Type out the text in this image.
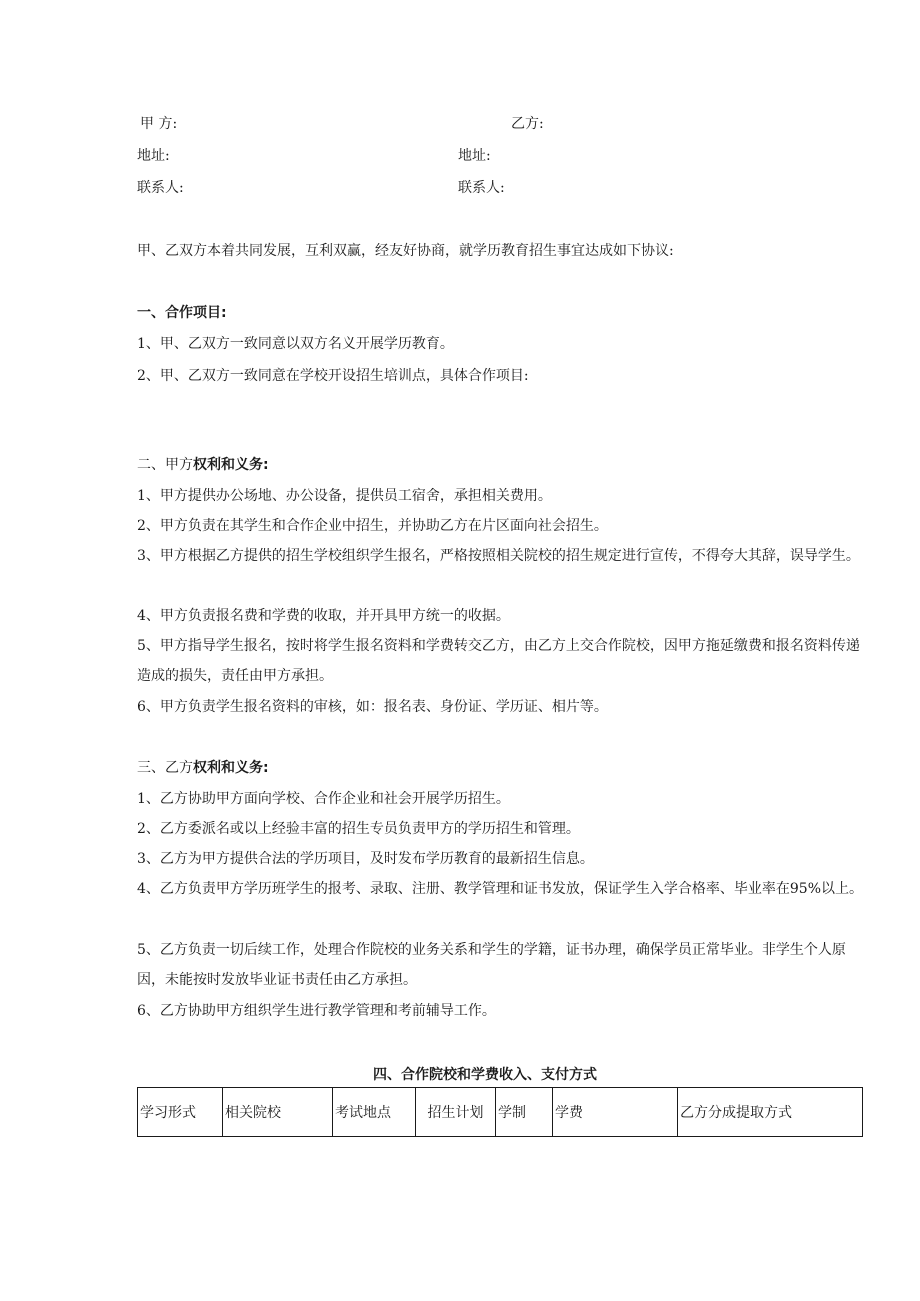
甲 方:	乙方:
地址:	地址:
联系人:	联系人:
甲、乙双方本着共同发展，互利双赢，经友好协商，就学历教育招生事宜达成如下协议:
一、合作项目:
1、甲、乙双方一致同意以双方名义开展学历教育。
2、甲、乙双方一致同意在学校开设招生培训点，具体合作项目:
二、甲方权利和义务:
1、甲方提供办公场地、办公设备，提供员工宿舍，承担相关费用。
2、甲方负责在其学生和合作企业中招生，并协助乙方在片区面向社会招生。

3、甲方根据乙方提供的招生学校组织学生报名，严格按照相关院校的招生规定进行宣传，不得夸大其辞，误导学生。

4、甲方负责报名费和学费的收取，并开具甲方统一的收据。

5、甲方指导学生报名，按时将学生报名资料和学费转交乙方，由乙方上交合作院校，因甲方拖延缴费和报名资料传递造成的损失，责任由甲方承担。

6、甲方负责学生报名资料的审核，如：报名表、身份证、学历证、相片等。
三、乙方权利和义务:
1、乙方协助甲方面向学校、合作企业和社会开展学历招生。
2、乙方委派名或以上经验丰富的招生专员负责甲方的学历招生和管理。
3、乙方为甲方提供合法的学历项目，及时发布学历教育的最新招生信息。

4、乙方负责甲方学历班学生的报考、录取、注册、教学管理和证书发放，保证学生入学合格率、毕业率在95%以上。

5、乙方负责一切后续工作，处理合作院校的业务关系和学生的学籍，证书办理，确保学员正常毕业。非学生个人原因，未能按时发放毕业证书责任由乙方承担。

6、乙方协助甲方组织学生进行教学管理和考前辅导工作。
四、合作院校和学费收入、支付方式
学习形式	相关院校	考试地点	招生计划	学制	学费	乙方分成提取方式
